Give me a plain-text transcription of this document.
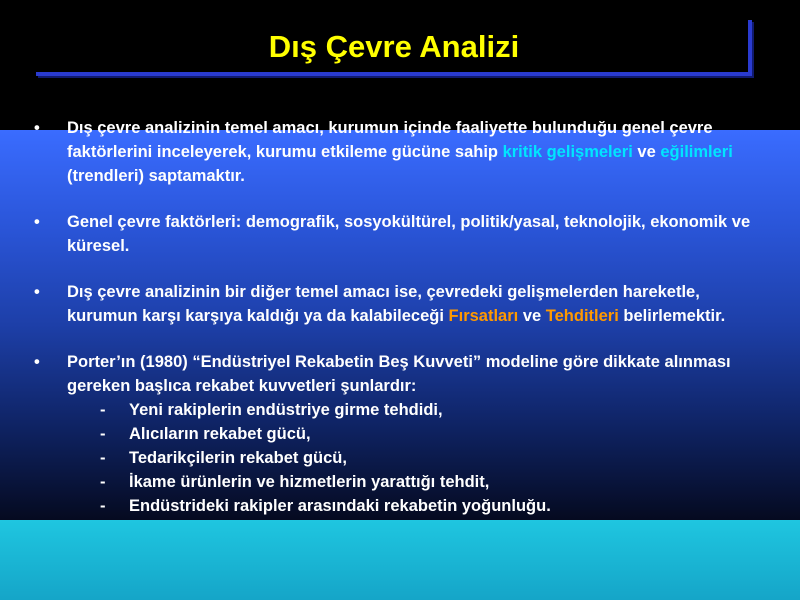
Dış Çevre Analizi
•	Dış çevre analizinin temel amacı, kurumun içinde faaliyette bulunduğu genel çevre faktörlerini inceleyerek, kurumu etkileme gücüne sahip kritik gelişmeleri ve eğilimleri (trendleri) saptamaktır.
•	Genel çevre faktörleri: demografik, sosyokültürel, politik/yasal, teknolojik, ekonomik ve küresel.
•	Dış çevre analizinin bir diğer temel amacı ise, çevredeki gelişmelerden hareketle, kurumun karşı karşıya kaldığı ya da kalabileceği Fırsatları ve Tehditleri belirlemektir.
•	Porter’ın (1980) “Endüstriyel Rekabetin Beş Kuvveti” modeline göre dikkate alınması gereken başlıca rekabet kuvvetleri şunlardır:
- Yeni rakiplerin endüstriye girme tehdidi,
- Alıcıların rekabet gücü,
- Tedarikçilerin rekabet gücü,
- İkame ürünlerin ve hizmetlerin yarattığı tehdit,
- Endüstrideki rakipler arasındaki rekabetin yoğunluğu.
